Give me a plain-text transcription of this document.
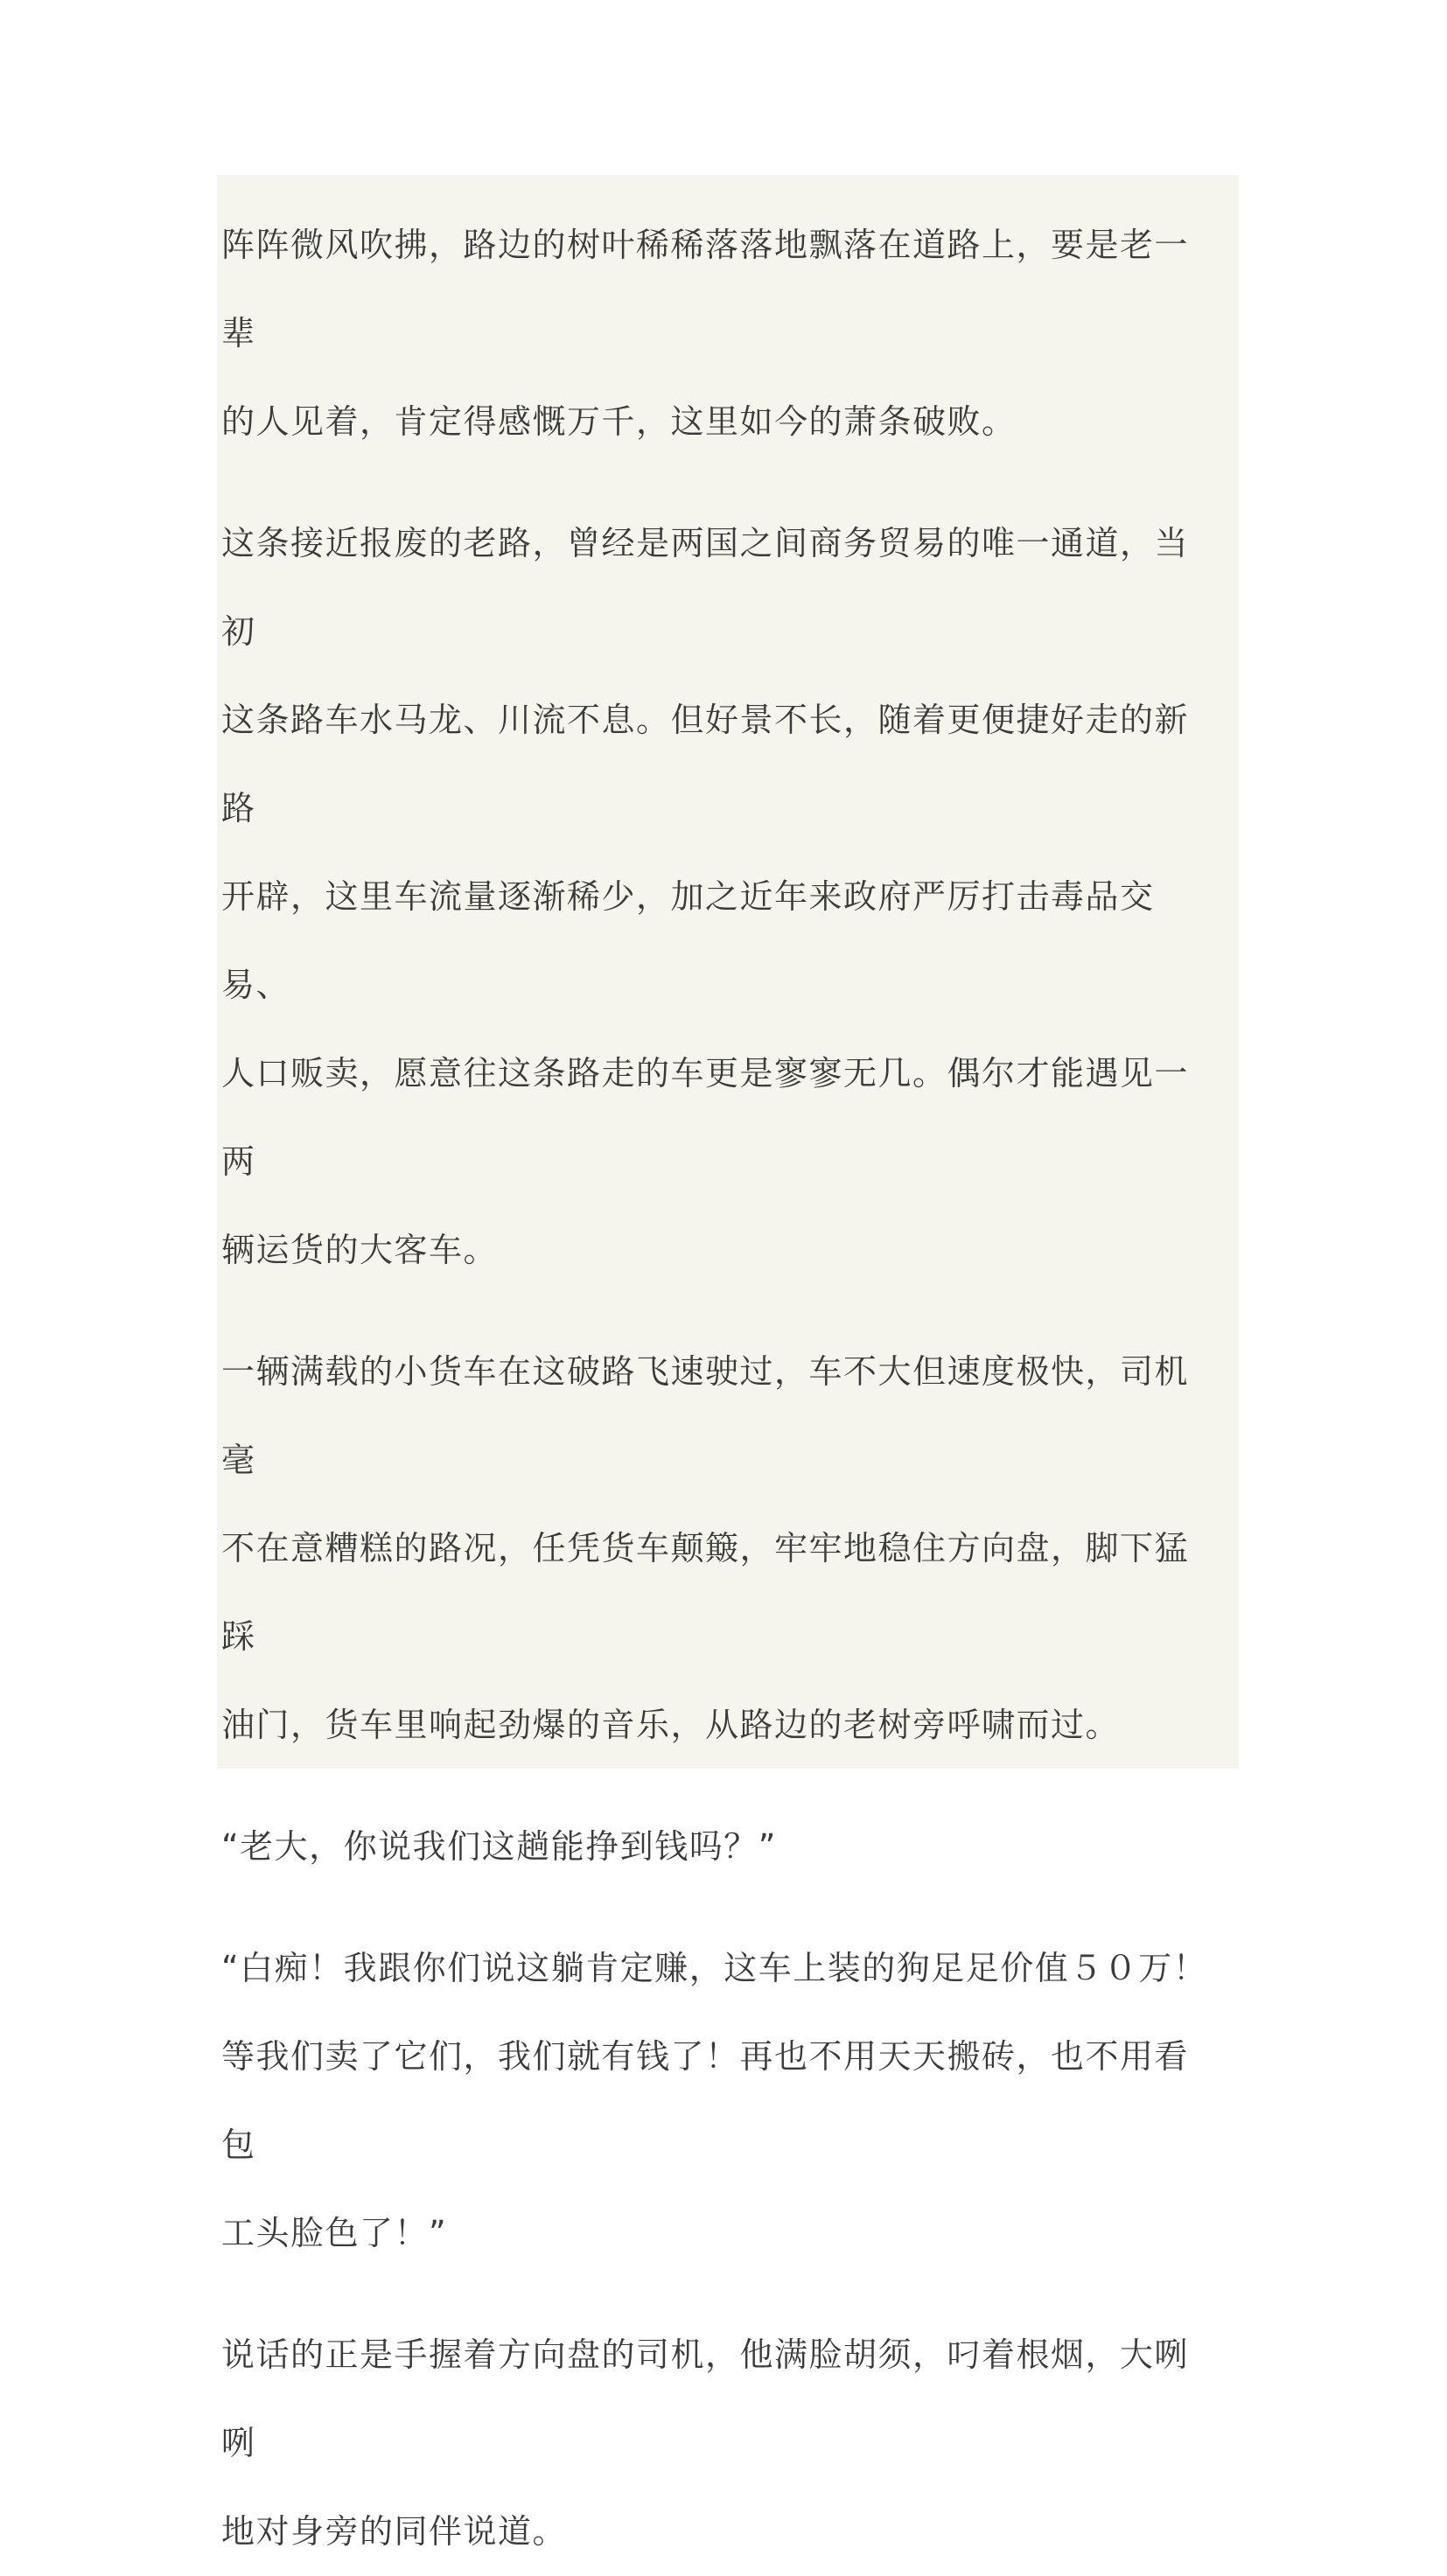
阵阵微风吹拂，路边的树叶稀稀落落地飘落在道路上，要是老一辈
的人见着，肯定得感慨万千，这里如今的萧条破败。

这条接近报废的老路，曾经是两国之间商务贸易的唯一通道，当初
这条路车水马龙、川流不息。但好景不长，随着更便捷好走的新路
开辟，这里车流量逐渐稀少，加之近年来政府严厉打击毒品交易、
人口贩卖，愿意往这条路走的车更是寥寥无几。偶尔才能遇见一两
辆运货的大客车。

一辆满载的小货车在这破路飞速驶过，车不大但速度极快，司机毫
不在意糟糕的路况，任凭货车颠簸，牢牢地稳住方向盘，脚下猛踩
油门，货车里响起劲爆的音乐，从路边的老树旁呼啸而过。

“老大，你说我们这趟能挣到钱吗？”

“白痴！我跟你们说这躺肯定赚，这车上装的狗足足价值５０万！
等我们卖了它们，我们就有钱了！再也不用天天搬砖，也不用看包
工头脸色了！”

说话的正是手握着方向盘的司机，他满脸胡须，叼着根烟，大咧咧
地对身旁的同伴说道。
